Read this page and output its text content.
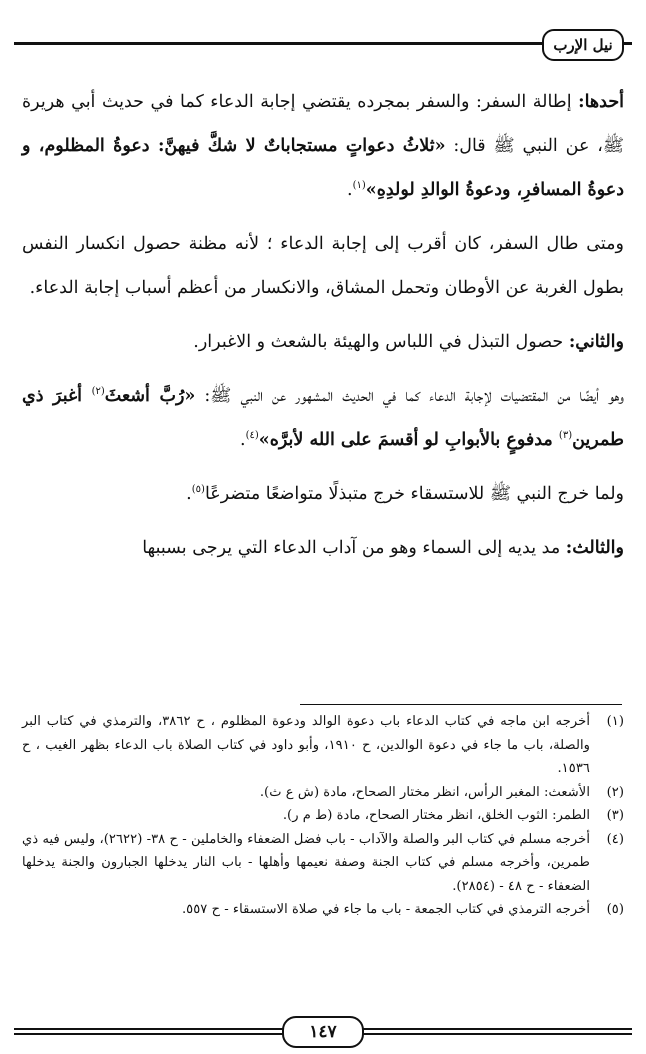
نيل الإرب

أحدها: إطالة السفر: والسفر بمجرده يقتضي إجابة الدعاء كما في حديث أبي هريرة ﷺ، عن النبي ﷺ قال: «ثلاثُ دعواتٍ مستجاباتٌ لا شكَّ فيهنَّ: دعوةُ المظلوم، و دعوةُ المسافرِ، ودعوةُ الوالدِ لولدِهِ»$^{(١)}$.

ومتى طال السفر، كان أقرب إلى إجابة الدعاء ؛ لأنه مظنة حصول انكسار النفس بطول الغربة عن الأوطان وتحمل المشاق، والانكسار من أعظم أسباب إجابة الدعاء.

والثاني: حصول التبذل في اللباس والهيئة بالشعث و الاغبرار.

وهو أيضًا من المقتضيات لإجابة الدعاء كما في الحديث المشهور عن النبي ﷺ: «رُبَّ أشعثَ$^{(٢)}$ أغبرَ ذي طمرين$^{(٣)}$ مدفوعٍ بالأبوابِ لو أقسمَ على الله لأبرَّه»$^{(٤)}$.

ولما خرج النبي ﷺ للاستسقاء خرج متبذلًا متواضعًا متضرعًا$^{(٥)}$.

والثالث: مد يديه إلى السماء وهو من آداب الدعاء التي يرجى بسببها

(١)
أخرجه ابن ماجه في كتاب الدعاء باب دعوة الوالد ودعوة المظلوم ، ح ٣٨٦٢، والترمذي في كتاب البر والصلة، باب ما جاء في دعوة الوالدين، ح ١٩١٠، وأبو داود في كتاب الصلاة باب الدعاء بظهر الغيب ، ح ١٥٣٦.
(٢)
الأشعث: المغبر الرأس، انظر مختار الصحاح، مادة (ش ع ث).
(٣)
الطمر: الثوب الخلق، انظر مختار الصحاح، مادة (ط م ر).
(٤)
أخرجه مسلم في كتاب البر والصلة والآداب - باب فضل الضعفاء والخاملين - ح ٣٨- (٢٦٢٢)، وليس فيه ذي طمرين، وأخرجه مسلم في كتاب الجنة وصفة نعيمها وأهلها - باب النار يدخلها الجبارون والجنة يدخلها الضعفاء - ح ٤٨ - (٢٨٥٤).
(٥)
أخرجه الترمذي في كتاب الجمعة - باب ما جاء في صلاة الاستسقاء - ح ٥٥٧.
١٤٧
